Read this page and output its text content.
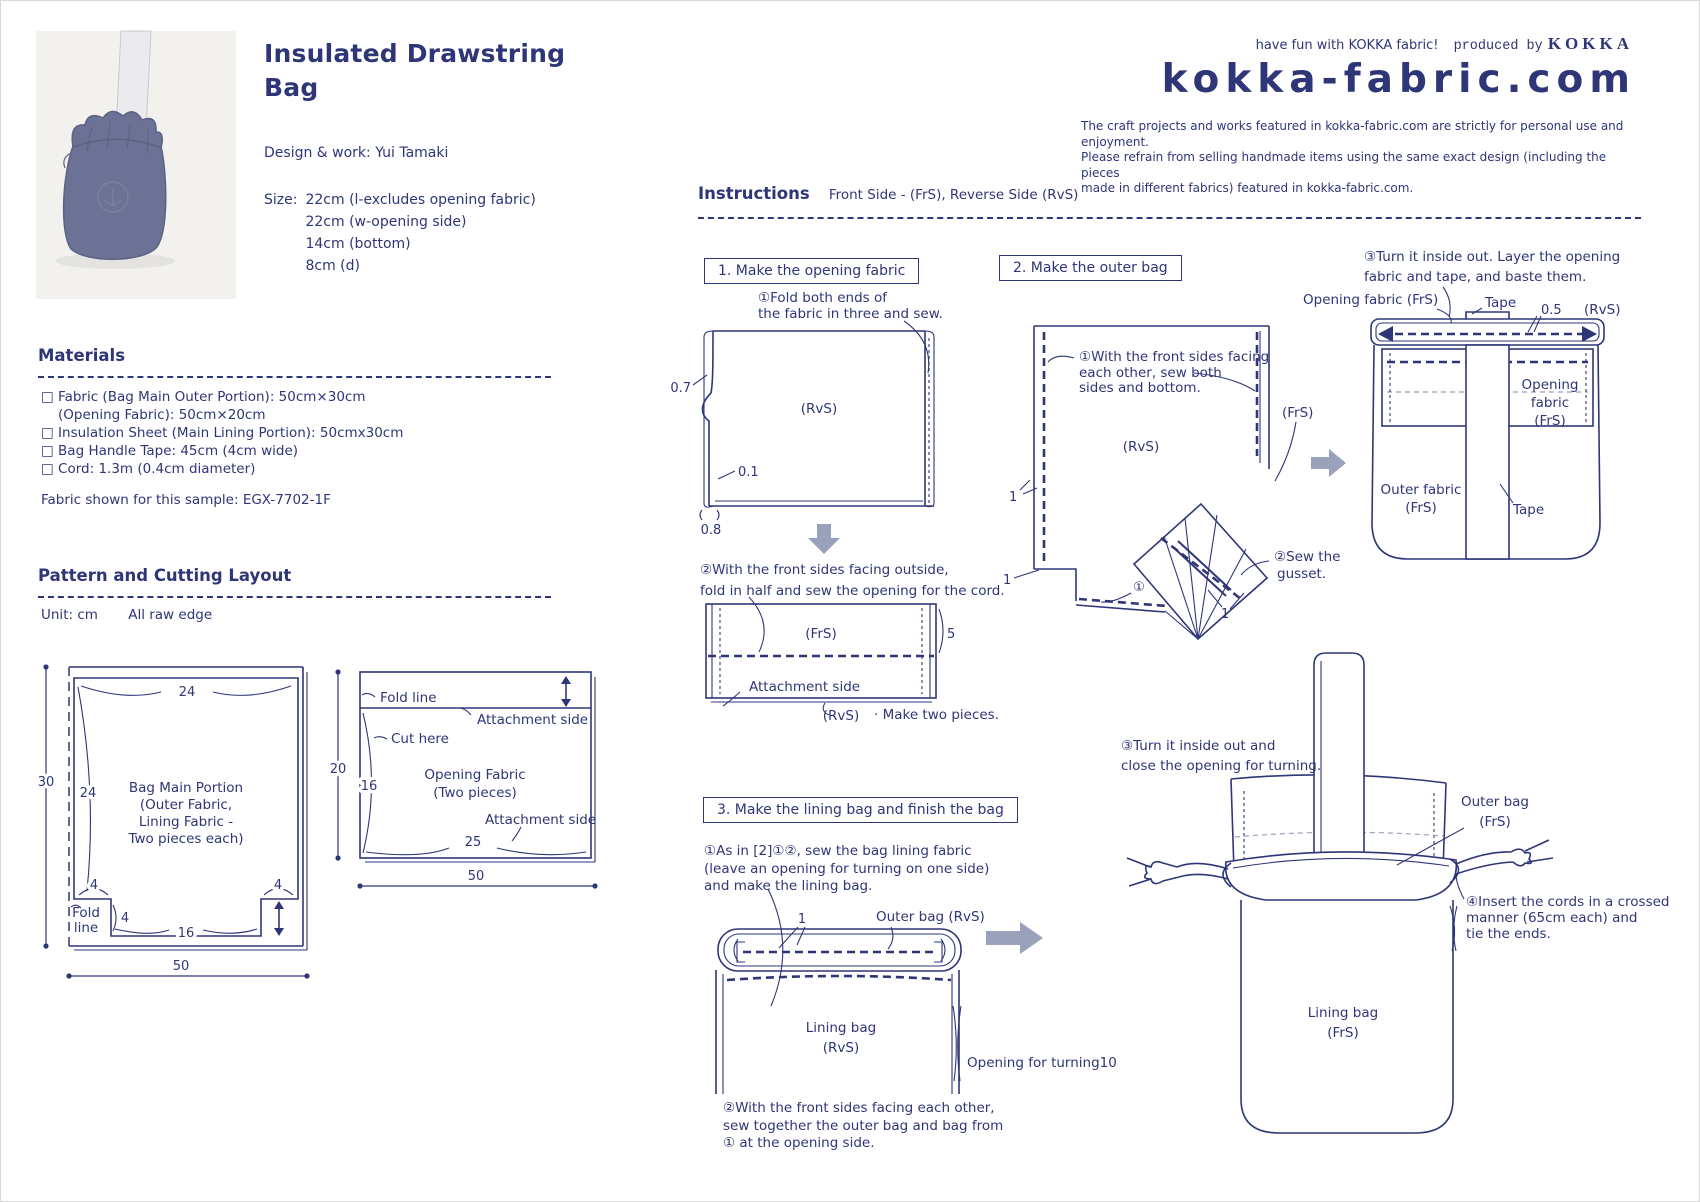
30
24
24 Bag Main Portion
(Outer Fabric,
Lining Fabric -
Two pieces each)
4	4
4
16
Fold
line
50
20
Fold line
Attachment side
Cut here
16
Opening Fabric
(Two pieces)
Attachment side
25
50
(RvS)
0.7
0.1
0.8
(FrS)
Attachment side
(RvS)
5
· Make two pieces.
(RvS)
1
1	①
1
②Sew the
gusset.
(FrS)
Opening fabric (FrS)	Tape 0.5 (RvS)
Opening
fabric
(FrS)
Outer fabric
(FrS)	Tape
1	Outer bag (RvS)
Lining bag
(RvS)
Opening for turning10
Outer bag
(FrS)
Lining bag
(FrS)
Insulated Drawstring
Bag
Design & work: Yui Tamaki
Size: 22cm (l-excludes opening fabric)
22cm (w-opening side)
14cm (bottom)
8cm (d)
have fun with KOKKA fabric! produced by KOKKA
kokka-fabric.com
The craft projects and works featured in kokka-fabric.com are strictly for personal use and enjoyment.
Please refrain from selling handmade items using the same exact design (including the pieces
made in different fabrics) featured in kokka-fabric.com.
Materials
□ Fabric (Bag Main Outer Portion): 50cm×30cm
(Opening Fabric): 50cm×20cm
□ Insulation Sheet (Main Lining Portion): 50cmx30cm
□ Bag Handle Tape: 45cm (4cm wide)
□ Cord: 1.3m (0.4cm diameter)
Fabric shown for this sample: EGX-7702-1F
Pattern and Cutting Layout
Unit: cm All raw edge
Instructions Front Side - (FrS), Reverse Side (RvS)
1. Make the opening fabric
①Fold both ends of
the fabric in three and sew.
②With the front sides facing outside,
fold in half and sew the opening for the cord.
2. Make the outer bag
①With the front sides facing
each other, sew both
sides and bottom.
③Turn it inside out. Layer the opening
fabric and tape, and baste them.
3. Make the lining bag and finish the bag
①As in [2]①②, sew the bag lining fabric
(leave an opening for turning on one side)
and make the lining bag.
②With the front sides facing each other,
sew together the outer bag and bag from
① at the opening side.
③Turn it inside out and
close the opening for turning.
④Insert the cords in a crossed
manner (65cm each) and
tie the ends.
